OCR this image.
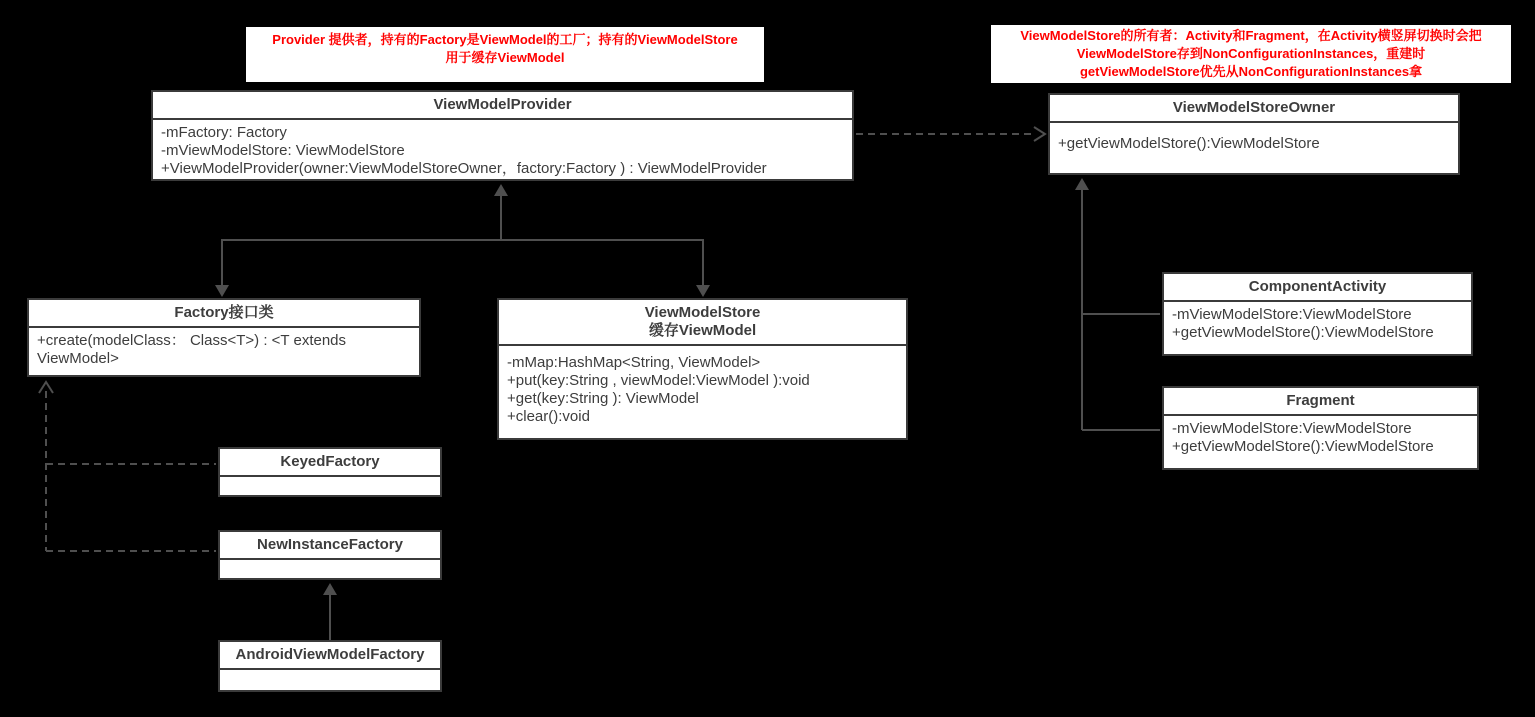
Provider 提供者，持有的Factory是ViewModel的工厂；持有的ViewModelStore
用于缓存ViewModel
ViewModelStore的所有者：Activity和Fragment，在Activity横竖屏切换时会把
ViewModelStore存到NonConfigurationInstances，重建时
getViewModelStore优先从NonConfigurationInstances拿
ViewModelProvider
-mFactory: Factory
-mViewModelStore: ViewModelStore
+ViewModelProvider(owner:ViewModelStoreOwner，factory:Factory ) : ViewModelProvider
ViewModelStoreOwner
+getViewModelStore():ViewModelStore
Factory接口类
+create(modelClass： Class<T>) : <T extends ViewModel>
ViewModelStore
缓存ViewModel
-mMap:HashMap<String, ViewModel>
+put(key:String , viewModel:ViewModel ):void
+get(key:String ): ViewModel
+clear():void
ComponentActivity
-mViewModelStore:ViewModelStore
+getViewModelStore():ViewModelStore
Fragment
-mViewModelStore:ViewModelStore
+getViewModelStore():ViewModelStore
KeyedFactory
NewInstanceFactory
AndroidViewModelFactory
